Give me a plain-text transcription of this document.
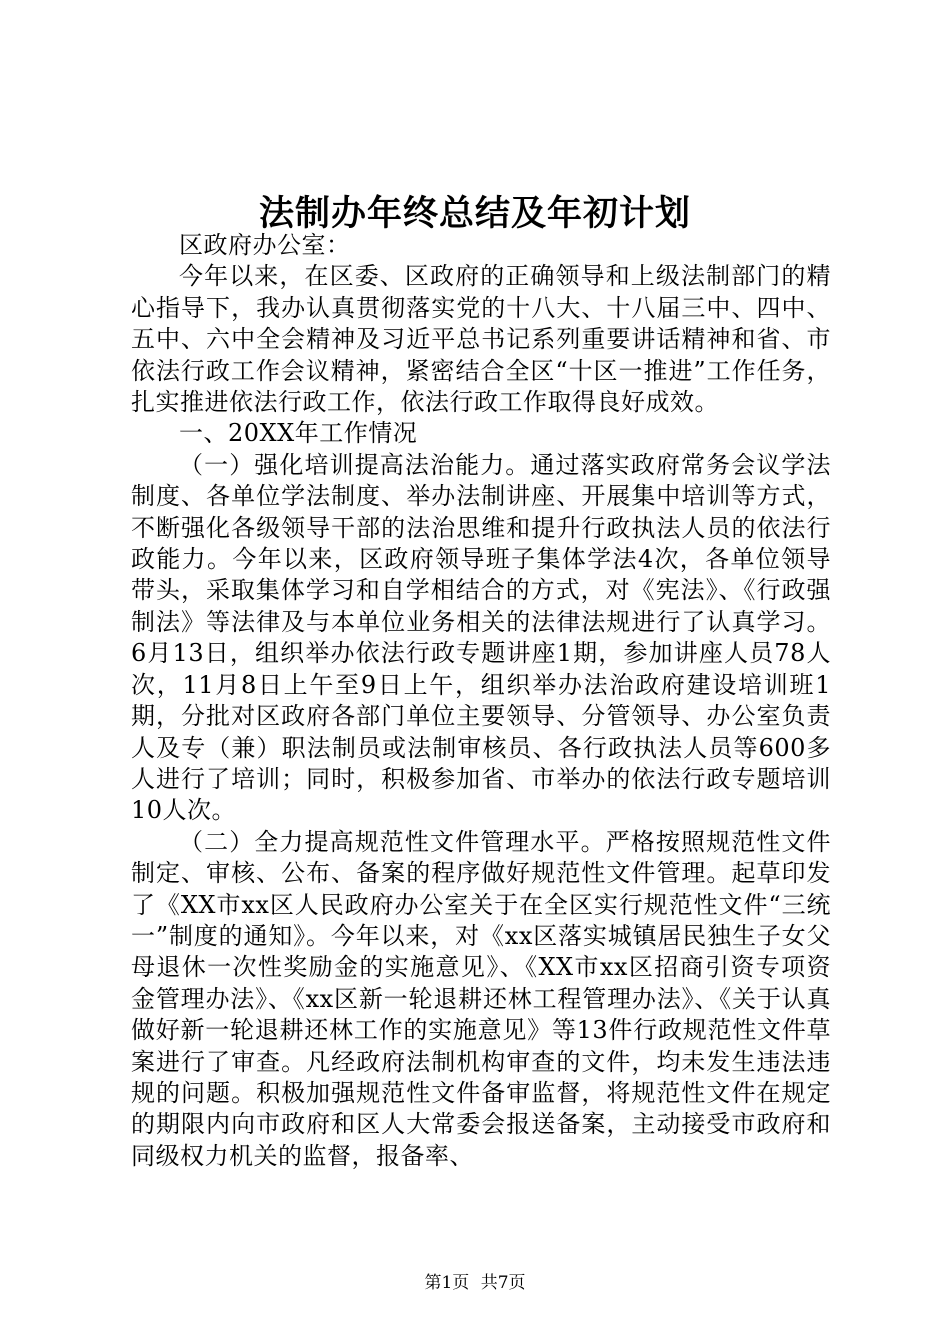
法制办年终总结及年初计划

区政府办公室：

今年以来，在区委、区政府的正确领导和上级法制部门的精心指导下，我办认真贯彻落实党的十八大、十八届三中、四中、五中、六中全会精神及习近平总书记系列重要讲话精神和省、市依法行政工作会议精神，紧密结合全区“十区一推进”工作任务，扎实推进依法行政工作，依法行政工作取得良好成效。

一、20XX年工作情况

（一）强化培训提高法治能力。通过落实政府常务会议学法制度、各单位学法制度、举办法制讲座、开展集中培训等方式，不断强化各级领导干部的法治思维和提升行政执法人员的依法行政能力。今年以来，区政府领导班子集体学法4次，各单位领导带头，采取集体学习和自学相结合的方式，对《宪法》、《行政强制法》等法律及与本单位业务相关的法律法规进行了认真学习。6月13日，组织举办依法行政专题讲座1期，参加讲座人员78人次，11月8日上午至9日上午，组织举办法治政府建设培训班1期，分批对区政府各部门单位主要领导、分管领导、办公室负责人及专（兼）职法制员或法制审核员、各行政执法人员等600多人进行了培训；同时，积极参加省、市举办的依法行政专题培训10人次。

（二）全力提高规范性文件管理水平。严格按照规范性文件制定、审核、公布、备案的程序做好规范性文件管理。起草印发了《XX市xx区人民政府办公室关于在全区实行规范性文件“三统一”制度的通知》。今年以来，对《xx区落实城镇居民独生子女父母退休一次性奖励金的实施意见》、《XX市xx区招商引资专项资金管理办法》、《xx区新一轮退耕还林工程管理办法》、《关于认真做好新一轮退耕还林工作的实施意见》等13件行政规范性文件草案进行了审查。凡经政府法制机构审查的文件，均未发生违法违规的问题。积极加强规范性文件备审监督，将规范性文件在规定的期限内向市政府和区人大常委会报送备案，主动接受市政府和同级权力机关的监督，报备率、

第1页 共7页
